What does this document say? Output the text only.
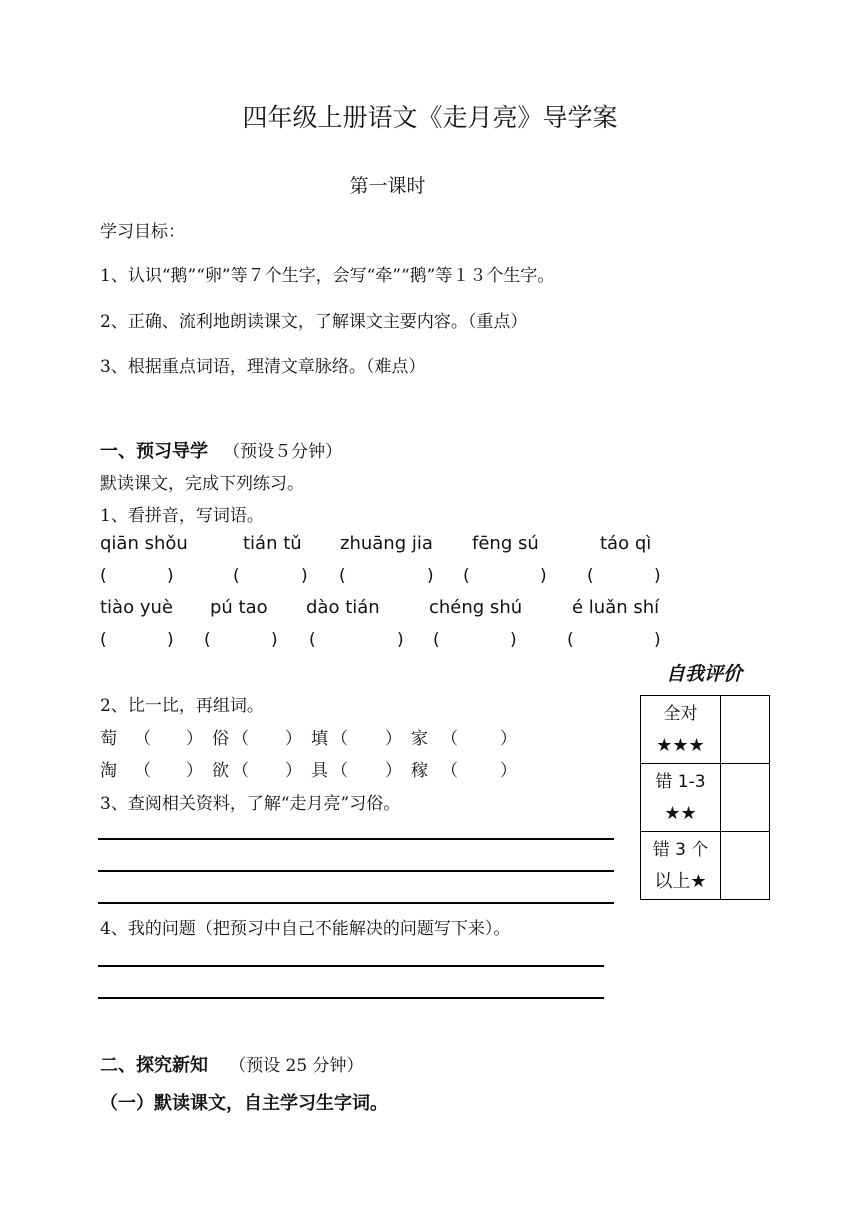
四年级上册语文《走月亮》导学案
第一课时
学习目标：
1、认识“鹅”“卵”等７个生字，会写“牵”“鹅”等１３个生字。
2、正确、流利地朗读课文，了解课文主要内容。（重点）
3、根据重点词语，理清文章脉络。（难点）
一、预习导学 （预设５分钟）
默读课文，完成下列练习。
1、看拼音，写词语。
qiān shǒu	tián tǔ zhuāng jia fēng sú	táo qì
(	)	(	) (	) (	) (	)
tiào yuè pú tao dào tián	chéng shú	é luǎn shí
(	) (	) (	) (	)	(	)
自我评价
全对
★★★	

错 1-3
★★	

错 3 个
以上★	

2、比一比，再组词。
萄 （ ） 俗 （ ） 填 （ ） 家 （ ）
淘 （ ） 欲 （ ） 具 （ ） 稼 （ ）
3、查阅相关资料，了解“走月亮”习俗。
4、我的问题（把预习中自己不能解决的问题写下来）。
二、探究新知 （预设 25 分钟）
（一）默读课文，自主学习生字词。
